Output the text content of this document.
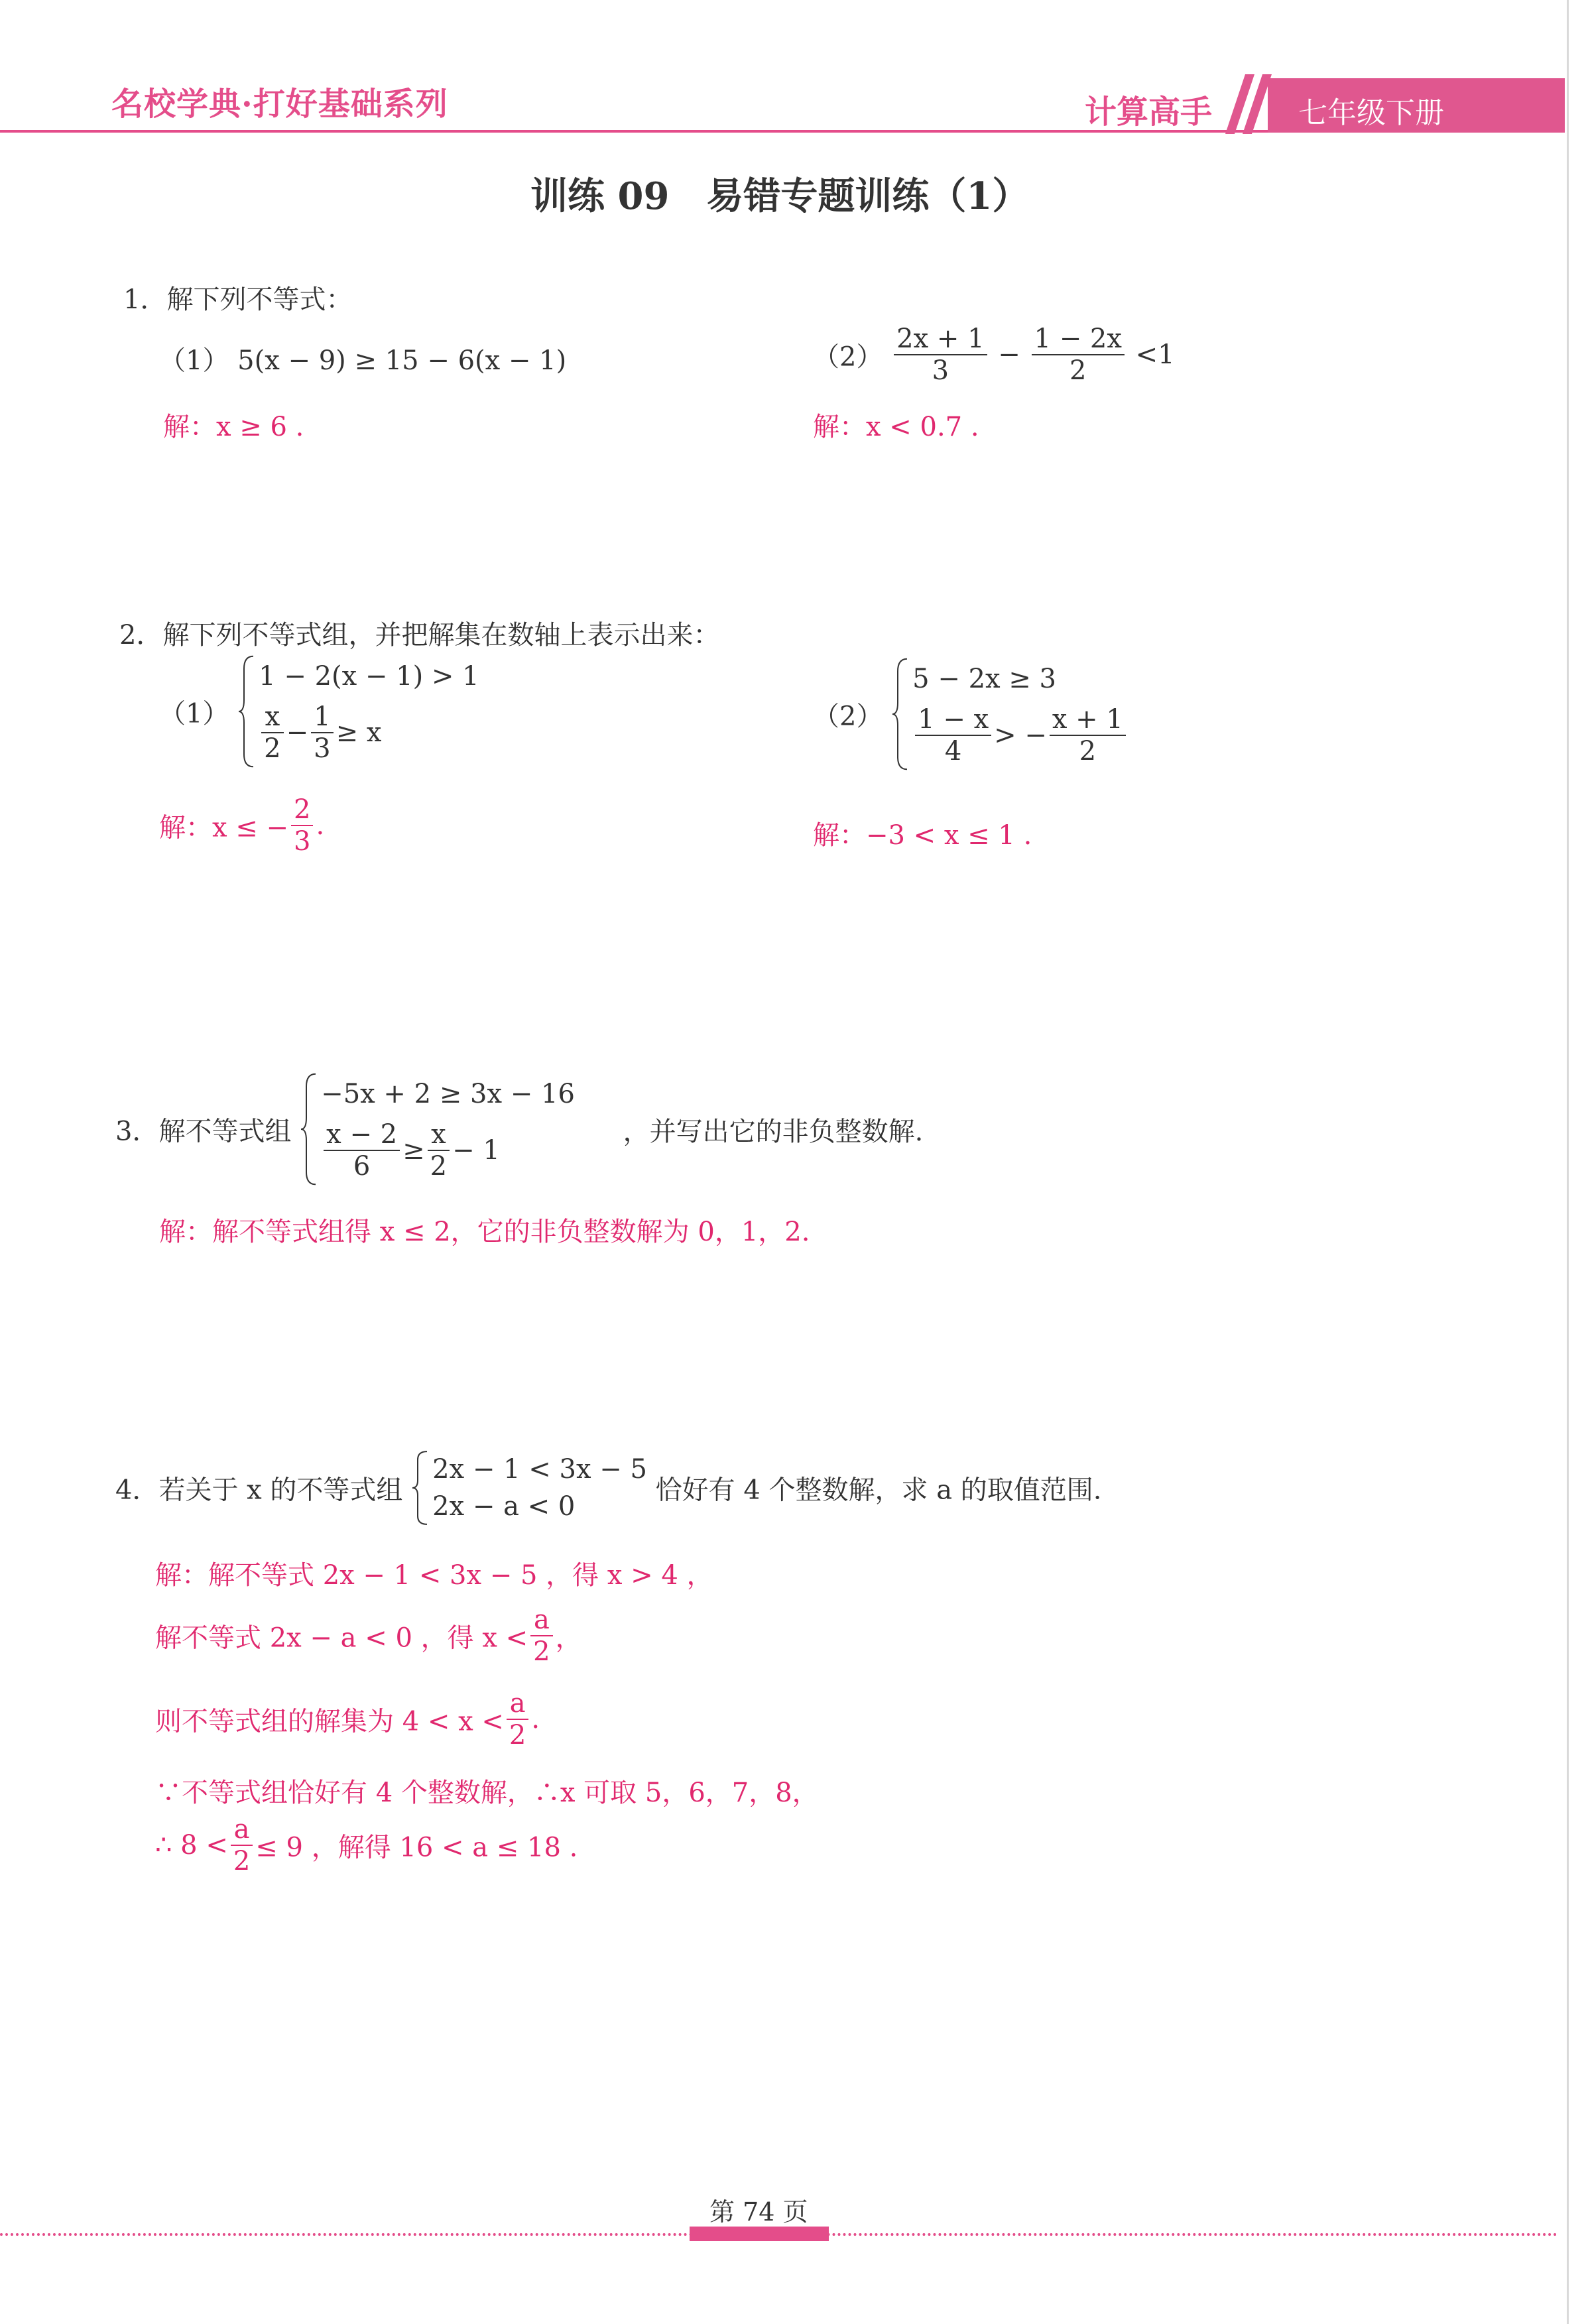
名校学典·打好基础系列	计算高手	七年级下册
训练 09　易错专题训练（1）
1．解下列不等式：
（1） 5(x − 9) ≥ 15 − 6(x − 1)	$(2) \frac{2x + 1}{3} - \frac{1 - 2x}{2} <1$
解：x ≥ 6 .	解：x < 0.7 .
2．解下列不等式组，并把解集在数轴上表示出来：
（1）
1 − 2(x − 1) > 1
$\frac{x}{2} - \frac{1}{3} \ge x$
（2）
5 − 2x ≥ 3
$\frac{1 - x}{4}$ > − $\frac{x + 1}{2}$
解：x ≤ − $\frac{2}{3}$ .	解：−3 < x ≤ 1 .
3．解不等式组
−5x + 2 ≥ 3x − 16
$\frac{x - 2}{6} \ge \frac{x}{2} - 1$
，并写出它的非负整数解.
解：解不等式组得 x ≤ 2，它的非负整数解为 0，1，2.
4．若关于 x 的不等式组
2x − 1 < 3x − 5
2x − a < 0
恰好有 4 个整数解，求 a 的取值范围.
解：解不等式 2x − 1 < 3x − 5 ，得 x > 4 ，
解不等式 2x − a < 0 ，得 $x < \frac{a}{2}$ ，
则不等式组的解集为 $4 < x < \frac{a}{2}$ .
∵不等式组恰好有 4 个整数解，∴x 可取 5，6，7，8，
∴ $8 < \frac{a}{2} \le 9$ ，解得 16 < a ≤ 18 .
第 74 页
